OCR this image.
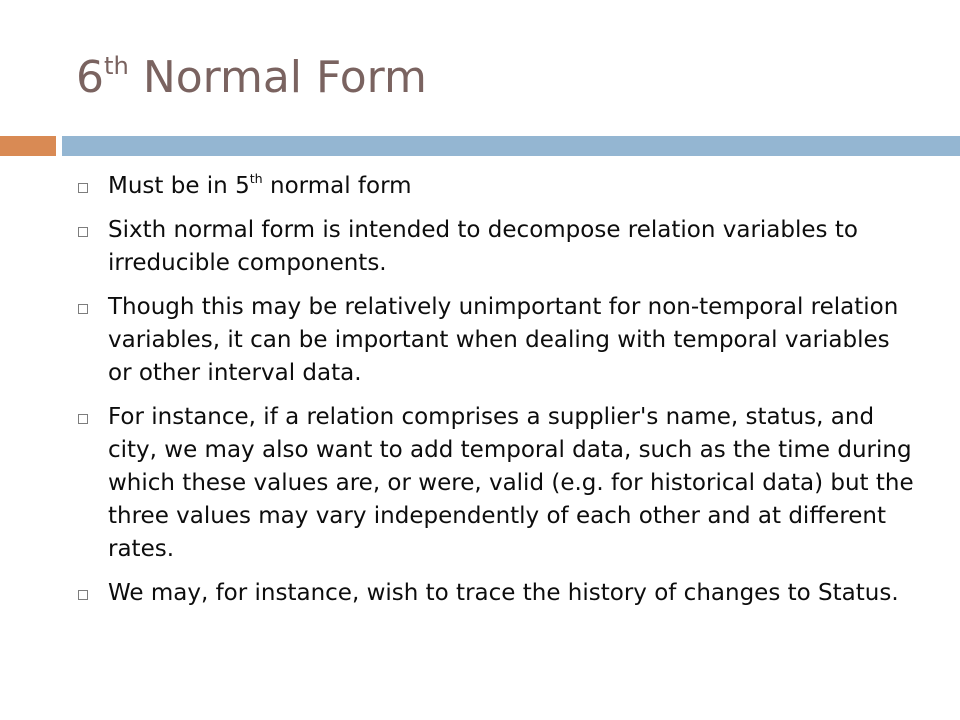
6th Normal Form
Must be in 5th normal form
Sixth normal form is intended to decompose relation variables to irreducible components.
Though this may be relatively unimportant for non-temporal relation variables, it can be important when dealing with temporal variables or other interval data.
For instance, if a relation comprises a supplier's name, status, and city, we may also want to add temporal data, such as the time during which these values are, or were, valid (e.g. for historical data) but the three values may vary independently of each other and at different rates.
We may, for instance, wish to trace the history of changes to Status.
